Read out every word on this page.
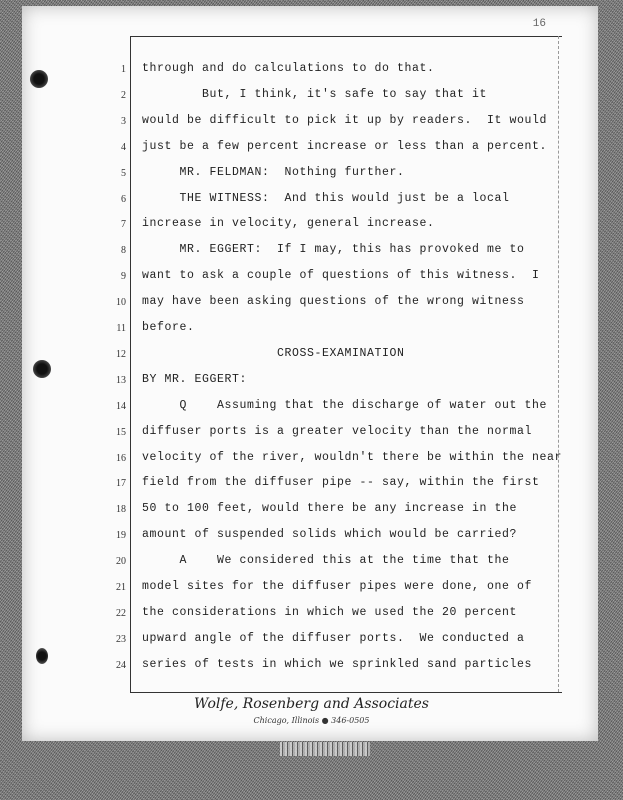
16
1 through and do calculations to do that.
2 But, I think, it's safe to say that it
3 would be difficult to pick it up by readers.  It would
4 just be a few percent increase or less than a percent.
5 MR. FELDMAN:  Nothing further.
6 THE WITNESS:  And this would just be a local
7 increase in velocity, general increase.
8 MR. EGGERT:  If I may, this has provoked me to
9 want to ask a couple of questions of this witness.  I
10 may have been asking questions of the wrong witness
11 before.
12 CROSS-EXAMINATION
13 BY MR. EGGERT:
14 Q    Assuming that the discharge of water out the
15 diffuser ports is a greater velocity than the normal
16 velocity of the river, wouldn't there be within the near
17 field from the diffuser pipe -- say, within the first
18 50 to 100 feet, would there be any increase in the
19 amount of suspended solids which would be carried?
20 A    We considered this at the time that the
21 model sites for the diffuser pipes were done, one of
22 the considerations in which we used the 20 percent
23 upward angle of the diffuser ports.  We conducted a
24 series of tests in which we sprinkled sand particles
Wolfe, Rosenberg and Associates
Chicago, Illinois ● 346-0505
